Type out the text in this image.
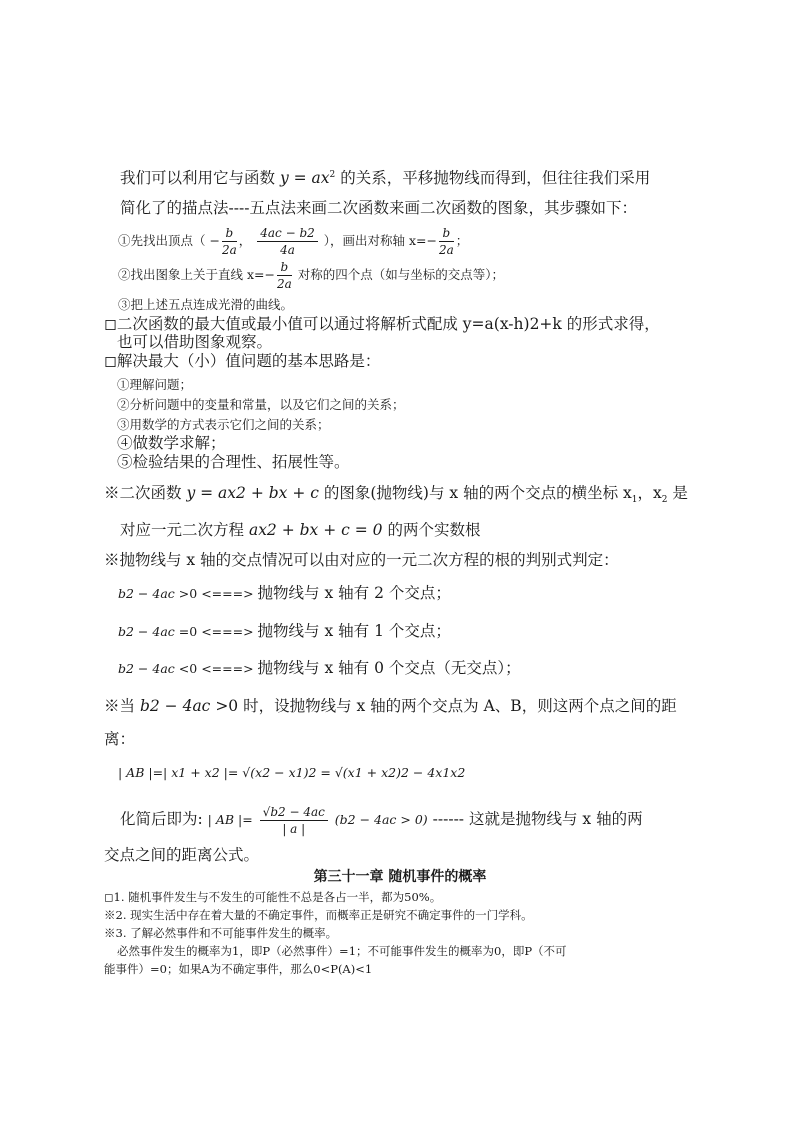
我们可以利用它与函数 $y = ax^2$ 的关系，平移抛物线而得到，但往往我们采用
简化了的描点法----五点法来画二次函数来画二次函数的图象，其步骤如下：
①先找出顶点（ − $\frac{b}{2a}$ ， $\frac{4ac - b2}{4a}$ ），画出对称轴 $x=- \frac{b}{2a}$ ；
②找出图象上关于直线 $x=- \frac{b}{2a}$ 对称的四个点（如与坐标的交点等）；
③把上述五点连成光滑的曲线。
◻二次函数的最大值或最小值可以通过将解析式配成 y=a(x-h)2+k 的形式求得，
也可以借助图象观察。
◻解决最大（小）值问题的基本思路是：
①理解问题；
②分析问题中的变量和常量，以及它们之间的关系；
③用数学的方式表示它们之间的关系；
④做数学求解；
⑤检验结果的合理性、拓展性等。
※二次函数 y = ax2 + bx + c 的图象(抛物线)与 x 轴的两个交点的横坐标 $x_1$，$x_2$ 是
对应一元二次方程 ax2 + bx + c = 0 的两个实数根
※抛物线与 x 轴的交点情况可以由对应的一元二次方程的根的判别式判定：
b2 − 4ac >0 <===> 抛物线与 x 轴有 2 个交点；
b2 − 4ac =0 <===> 抛物线与 x 轴有 1 个交点；
b2 − 4ac <0 <===> 抛物线与 x 轴有 0 个交点（无交点）；
※当 b2 − 4ac >0 时，设抛物线与 x 轴的两个交点为 A、B，则这两个点之间的距
离：
| AB |=| x1 + x2 |= √(x2 − x1)2 = √(x1 + x2)2 − 4x1x2
化简后即为: | AB |= $\frac{√b2 - 4ac}{| a |} (b2 - 4ac > 0)$ ------ 这就是抛物线与 x 轴的两
交点之间的距离公式。
第三十一章 随机事件的概率
◻1. 随机事件发生与不发生的可能性不总是各占一半，都为50%。
※2. 现实生活中存在着大量的不确定事件，而概率正是研究不确定事件的一门学科。
※3. 了解必然事件和不可能事件发生的概率。
必然事件发生的概率为1，即P（必然事件）=1；不可能事件发生的概率为0，即P（不可
能事件）=0；如果A为不确定事件，那么0<P(A)<1
